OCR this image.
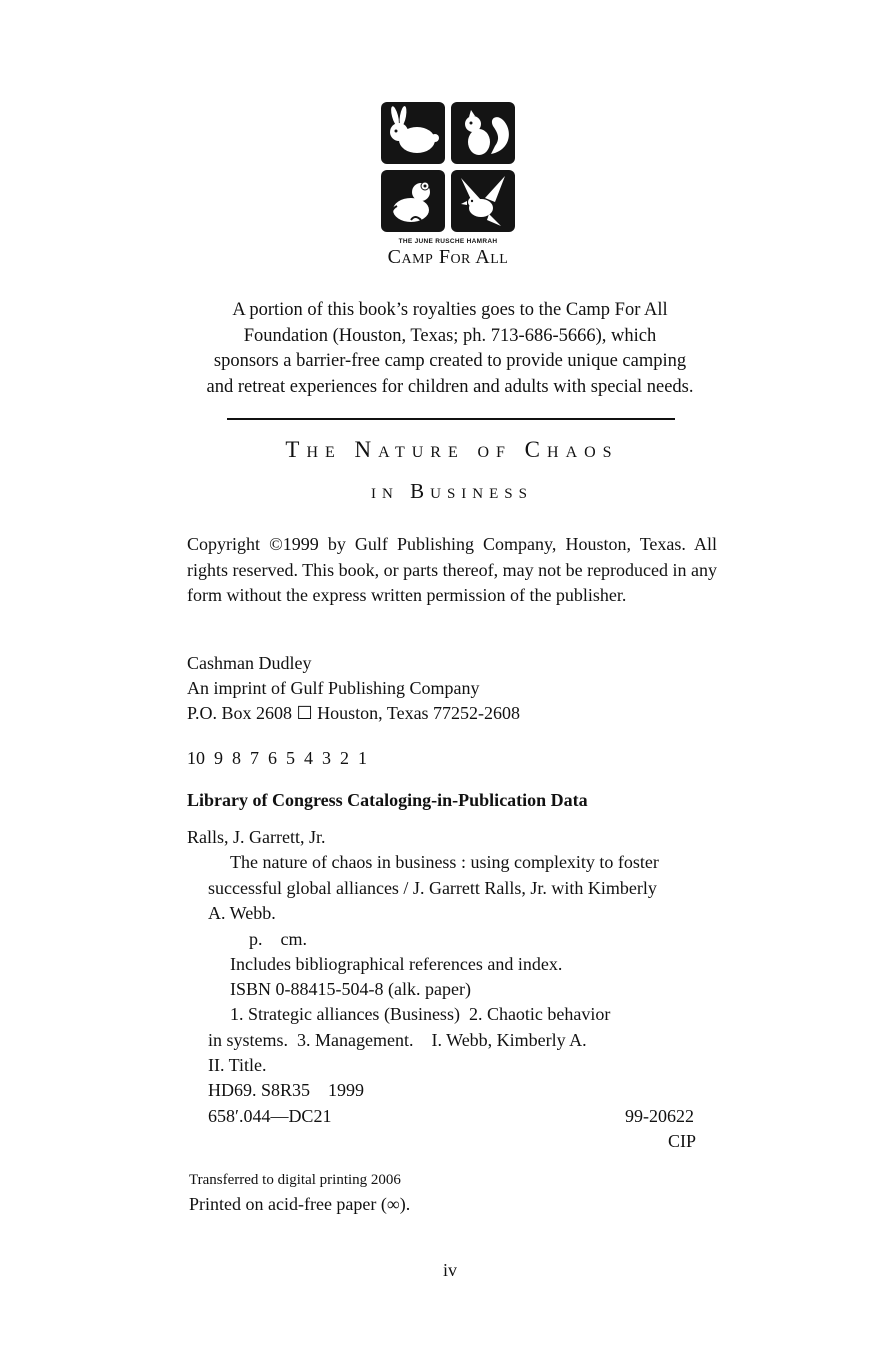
THE JUNE RUSCHE HAMRAH
Camp For All
A portion of this book’s royalties goes to the Camp For All
Foundation (Houston, Texas; ph. 713-686-5666), which
sponsors a barrier-free camp created to provide unique camping
and retreat experiences for children and adults with special needs.
The Nature of Chaos
in Business
Copyright ©1999 by Gulf Publishing Company, Houston, Texas. All rights reserved. This book, or parts thereof, may not be reproduced in any form without the express written permission of the publisher.
Cashman Dudley
An imprint of Gulf Publishing Company
P.O. Box 2608 ☐ Houston, Texas 77252-2608
10  9  8  7  6  5  4  3  2  1
Library of Congress Cataloging-in-Publication Data
Ralls, J. Garrett, Jr.
The nature of chaos in business : using complexity to foster
successful global alliances / J. Garrett Ralls, Jr. with Kimberly
A. Webb.
p.    cm.
Includes bibliographical references and index.
ISBN 0-88415-504-8 (alk. paper)
1. Strategic alliances (Business)  2. Chaotic behavior
in systems.  3. Management.    I. Webb, Kimberly A.
II. Title.
HD69. S8R35    1999
658′.044—DC21	99-20622
CIP
Transferred to digital printing 2006
Printed on acid-free paper (∞).
iv
